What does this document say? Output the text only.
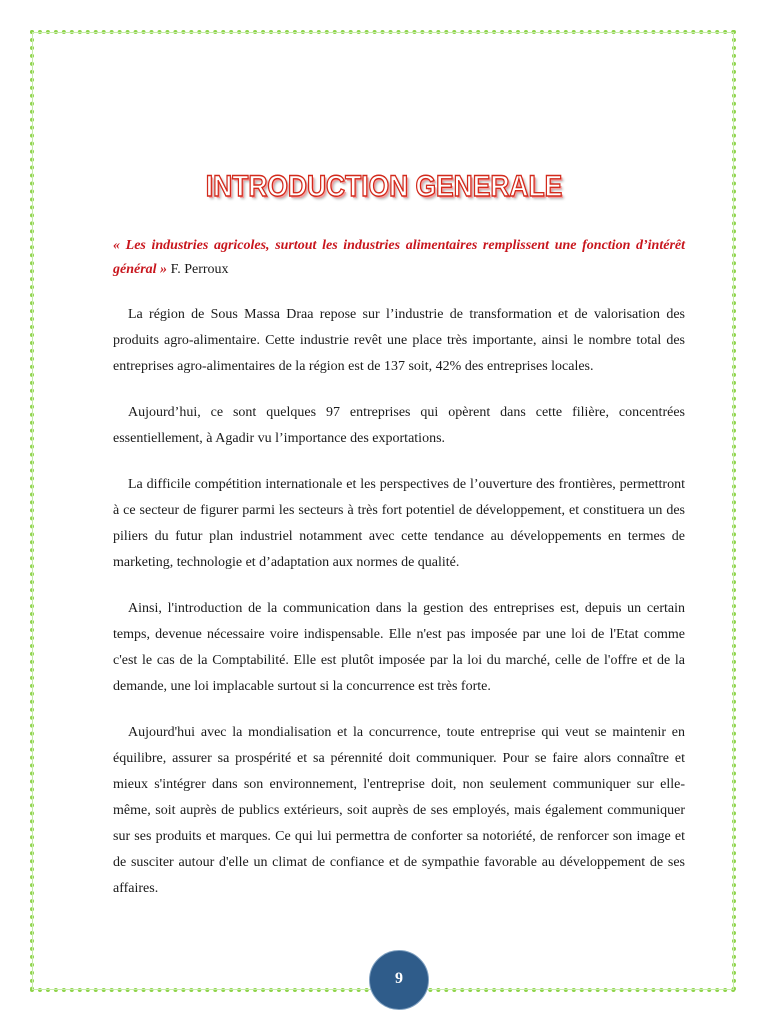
INTRODUCTION GENERALE

« Les industries agricoles, surtout les industries alimentaires remplissent une fonction d’intérêt général » F. Perroux

La région de Sous Massa Draa repose sur l’industrie de transformation et de valorisation des produits agro-alimentaire. Cette industrie revêt une place très importante, ainsi le nombre total des entreprises agro-alimentaires de la région est de 137 soit, 42% des entreprises locales.

Aujourd’hui, ce sont quelques 97 entreprises qui opèrent dans cette filière, concentrées essentiellement, à Agadir vu l’importance des exportations.

La difficile compétition internationale et les perspectives de l’ouverture des frontières, permettront à ce secteur de figurer parmi les secteurs à très fort potentiel de développement, et constituera un des piliers du futur plan industriel notamment avec cette tendance au développements en termes de marketing, technologie et d’adaptation aux normes de qualité.

Ainsi, l'introduction de la communication dans la gestion des entreprises est, depuis un certain temps, devenue nécessaire voire indispensable. Elle n'est pas imposée par une loi de l'Etat comme c'est le cas de la Comptabilité. Elle est plutôt imposée par la loi du marché, celle de l'offre et de la demande, une loi implacable surtout si la concurrence est très forte.

Aujourd'hui avec la mondialisation et la concurrence, toute entreprise qui veut se maintenir en équilibre, assurer sa prospérité et sa pérennité doit communiquer. Pour se faire alors connaître et mieux s'intégrer dans son environnement, l'entreprise doit, non seulement communiquer sur elle-même, soit auprès de publics extérieurs, soit auprès de ses employés, mais également communiquer sur ses produits et marques. Ce qui lui permettra de conforter sa notoriété, de renforcer son image et de susciter autour d'elle un climat de confiance et de sympathie favorable au développement de ses affaires.

9
